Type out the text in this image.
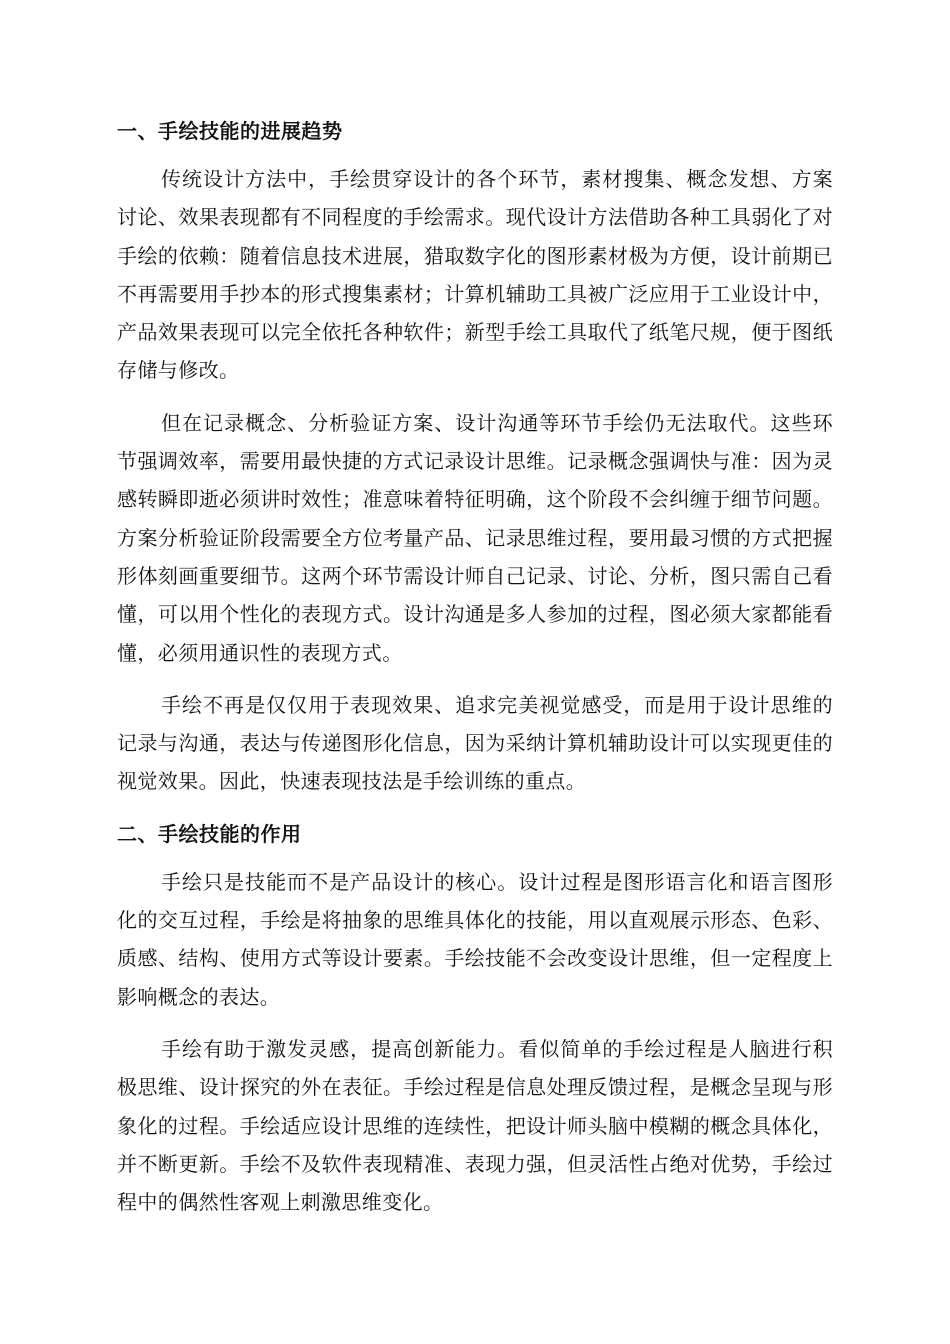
一、手绘技能的进展趋势

传统设计方法中，手绘贯穿设计的各个环节，素材搜集、概念发想、方案讨论、效果表现都有不同程度的手绘需求。现代设计方法借助各种工具弱化了对手绘的依赖：随着信息技术进展，猎取数字化的图形素材极为方便，设计前期已不再需要用手抄本的形式搜集素材；计算机辅助工具被广泛应用于工业设计中，产品效果表现可以完全依托各种软件；新型手绘工具取代了纸笔尺规，便于图纸存储与修改。

但在记录概念、分析验证方案、设计沟通等环节手绘仍无法取代。这些环节强调效率，需要用最快捷的方式记录设计思维。记录概念强调快与准：因为灵感转瞬即逝必须讲时效性；准意味着特征明确，这个阶段不会纠缠于细节问题。方案分析验证阶段需要全方位考量产品、记录思维过程，要用最习惯的方式把握形体刻画重要细节。这两个环节需设计师自己记录、讨论、分析，图只需自己看懂，可以用个性化的表现方式。设计沟通是多人参加的过程，图必须大家都能看懂，必须用通识性的表现方式。

手绘不再是仅仅用于表现效果、追求完美视觉感受，而是用于设计思维的记录与沟通，表达与传递图形化信息，因为采纳计算机辅助设计可以实现更佳的视觉效果。因此，快速表现技法是手绘训练的重点。

二、手绘技能的作用

手绘只是技能而不是产品设计的核心。设计过程是图形语言化和语言图形化的交互过程，手绘是将抽象的思维具体化的技能，用以直观展示形态、色彩、质感、结构、使用方式等设计要素。手绘技能不会改变设计思维，但一定程度上影响概念的表达。

手绘有助于激发灵感，提高创新能力。看似简单的手绘过程是人脑进行积极思维、设计探究的外在表征。手绘过程是信息处理反馈过程，是概念呈现与形象化的过程。手绘适应设计思维的连续性，把设计师头脑中模糊的概念具体化，并不断更新。手绘不及软件表现精准、表现力强，但灵活性占绝对优势，手绘过程中的偶然性客观上刺激思维变化。
